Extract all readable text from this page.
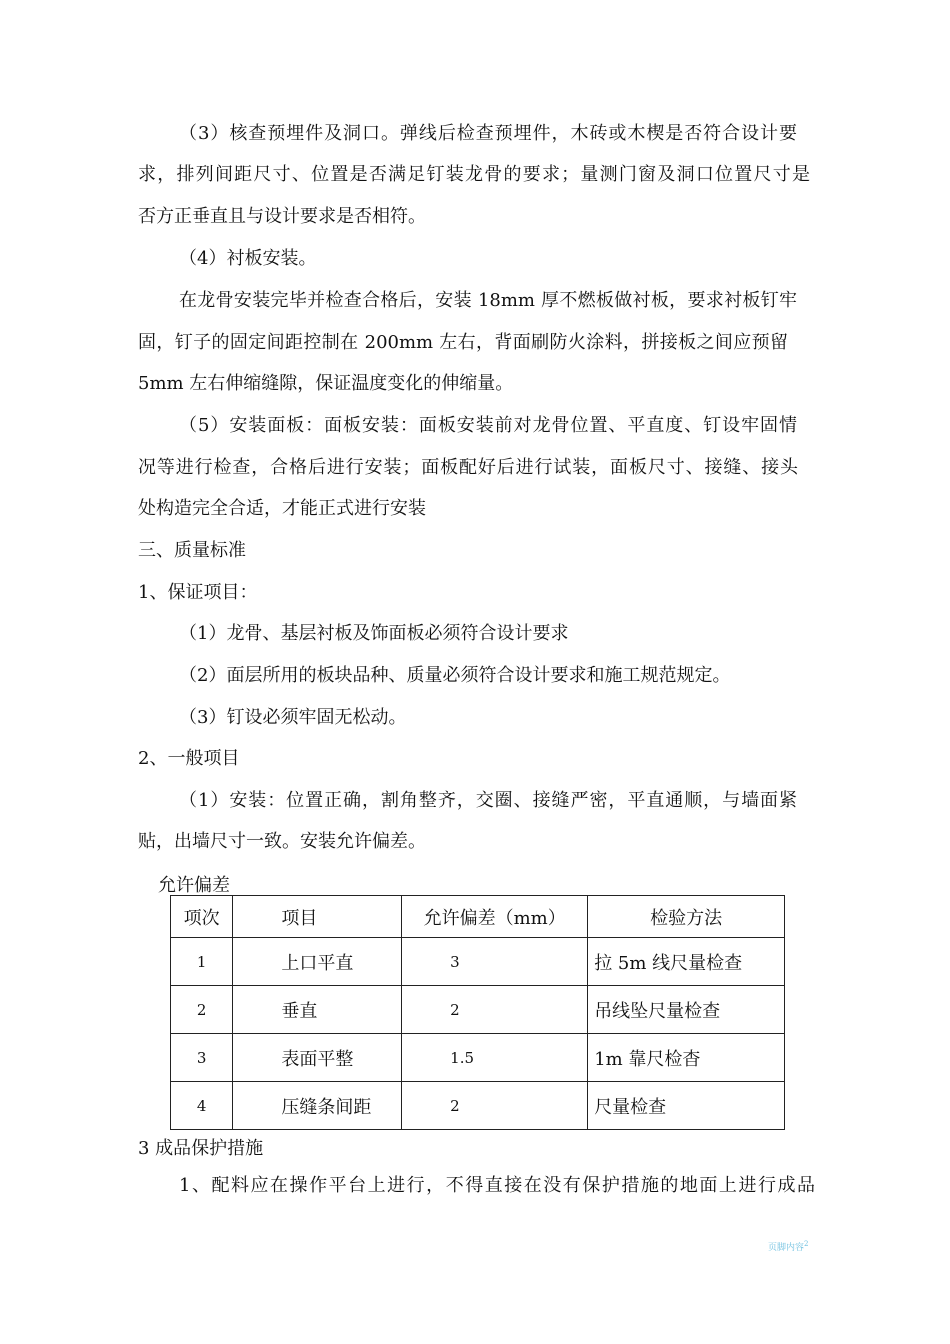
（3）核查预埋件及洞口。弹线后检查预埋件，木砖或木楔是否符合设计要
求，排列间距尺寸、位置是否满足钉装龙骨的要求；量测门窗及洞口位置尺寸是
否方正垂直且与设计要求是否相符。
（4）衬板安装。
在龙骨安装完毕并检查合格后，安装 18mm 厚不燃板做衬板，要求衬板钉牢
固，钉子的固定间距控制在 200mm 左右，背面刷防火涂料，拼接板之间应预留
5mm 左右伸缩缝隙，保证温度变化的伸缩量。
（5）安装面板：面板安装：面板安装前对龙骨位置、平直度、钉设牢固情
况等进行检查，合格后进行安装；面板配好后进行试装，面板尺寸、接缝、接头
处构造完全合适，才能正式进行安装
三、质量标准
1、保证项目：
（1）龙骨、基层衬板及饰面板必须符合设计要求
（2）面层所用的板块品种、质量必须符合设计要求和施工规范规定。
（3）钉设必须牢固无松动。
2、一般项目
（1）安装：位置正确，割角整齐，交圈、接缝严密，平直通顺，与墙面紧
贴，出墙尺寸一致。安装允许偏差。
允许偏差
项次	项目	允许偏差（mm）	检验方法
1	上口平直	3	拉 5m 线尺量检查
2	垂直	2	吊线坠尺量检查
3	表面平整	1.5	1m 靠尺检杳
4	压缝条间距	2	尺量检查
3 成品保护措施
1、配料应在操作平台上进行，不得直接在没有保护措施的地面上进行成品
页脚内容$^2$
